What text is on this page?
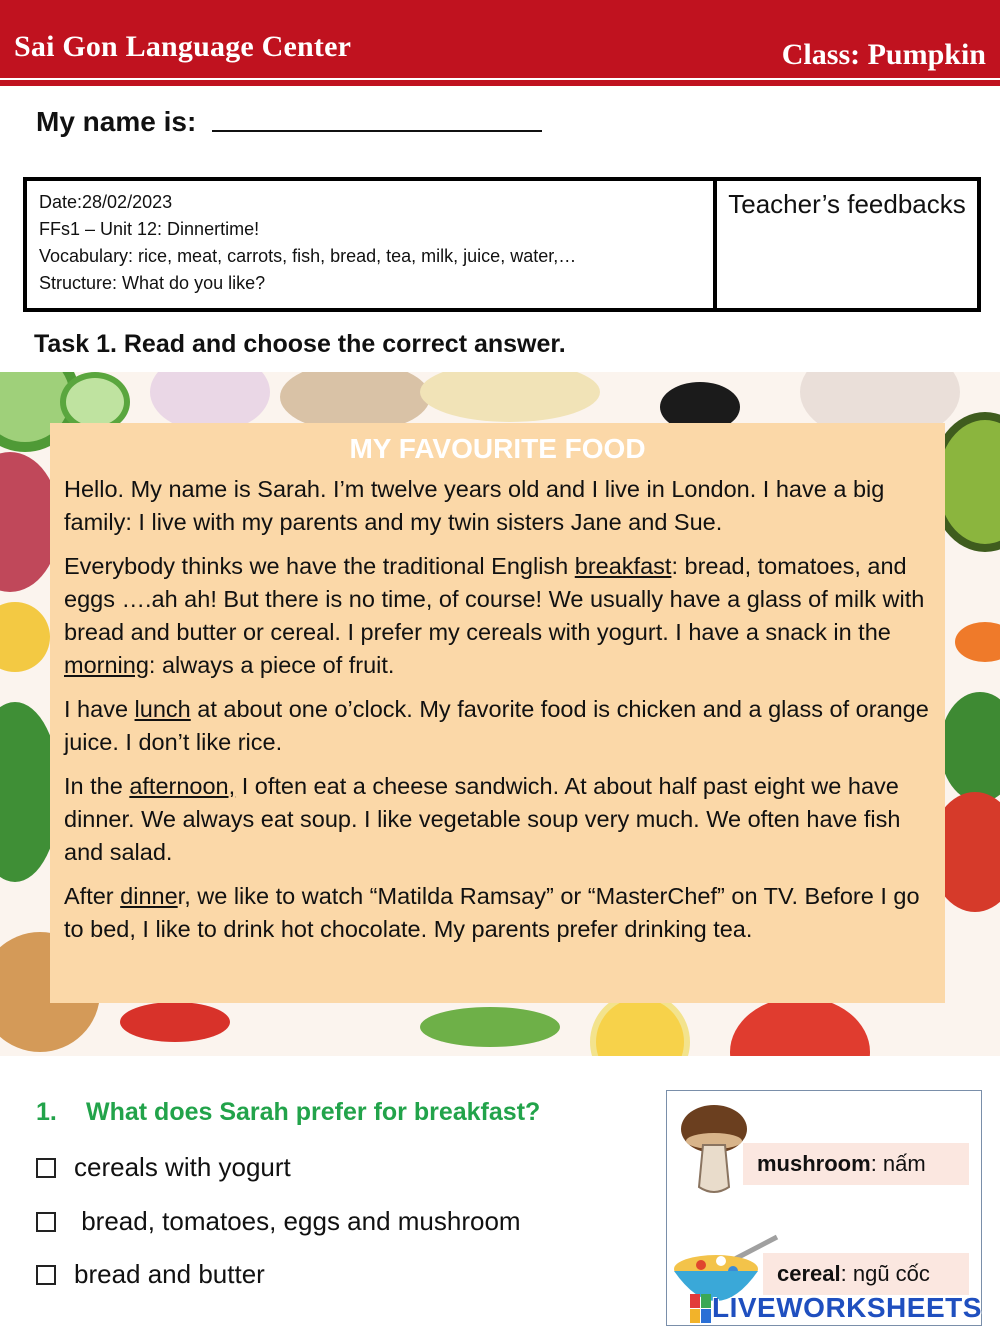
Sai Gon Language Center	Class: Pumpkin
My name is:
Date:28/02/2023
FFs1 – Unit 12: Dinnertime!
Vocabulary: rice, meat, carrots, fish, bread, tea, milk, juice, water,…
Structure: What do you like?
Teacher’s feedbacks
Task 1. Read and choose the correct answer.
MY FAVOURITE FOOD

Hello. My name is Sarah. I’m twelve years old and I live in London. I have a big family: I live with my parents and my twin sisters Jane and Sue.

Everybody thinks we have the traditional English breakfast: bread, tomatoes, and eggs ….ah ah! But there is no time, of course! We usually have a glass of milk with bread and butter or cereal. I prefer my cereals with yogurt. I have a snack in the morning: always a piece of fruit.

I have lunch at about one o’clock. My favorite food is chicken and a glass of orange juice. I don’t like rice.

In the afternoon, I often eat a cheese sandwich. At about half past eight we have dinner. We always eat soup. I like vegetable soup very much. We often have fish and salad.

After dinner, we like to watch “Matilda Ramsay” or “MasterChef” on TV. Before I go to bed, I like to drink hot chocolate. My parents prefer drinking tea.

1. What does Sarah prefer for breakfast?
cereals with yogurt
bread, tomatoes, eggs and mushroom
bread and butter
mushroom: nấm
cereal: ngũ cốc
LIVEWORKSHEETS
